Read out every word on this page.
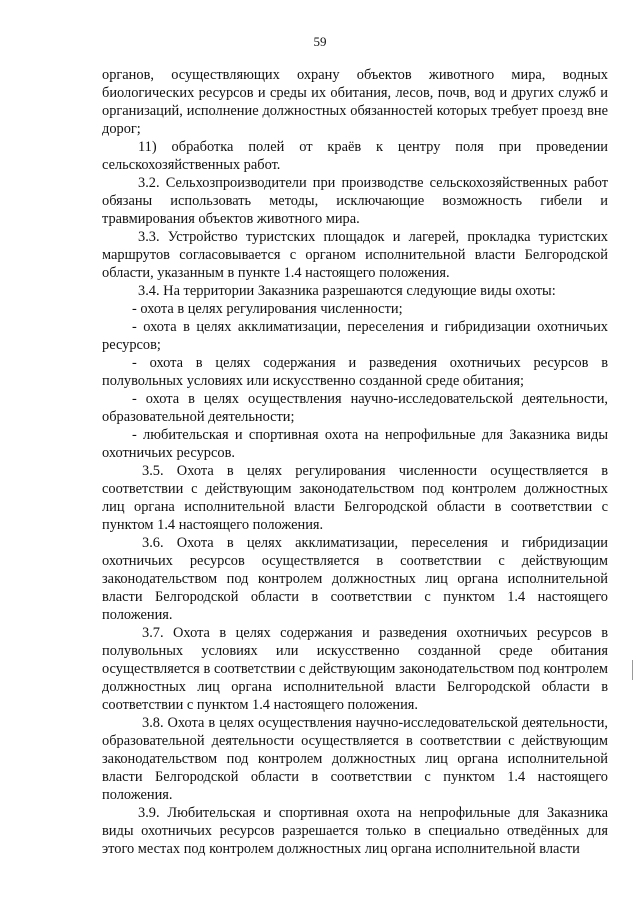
59

органов, осуществляющих охрану объектов животного мира, водных биологических ресурсов и среды их обитания, лесов, почв, вод и других служб и организаций, исполнение должностных обязанностей которых требует проезд вне дорог;

11) обработка полей от краёв к центру поля при проведении сельскохозяйственных работ.

3.2. Сельхозпроизводители при производстве сельскохозяйственных работ обязаны использовать методы, исключающие возможность гибели и травмирования объектов животного мира.

3.3. Устройство туристских площадок и лагерей, прокладка туристских маршрутов согласовывается с органом исполнительной власти Белгородской области, указанным в пункте 1.4 настоящего положения.

3.4. На территории Заказника разрешаются следующие виды охоты:

- охота в целях регулирования численности;

- охота в целях акклиматизации, переселения и гибридизации охотничьих ресурсов;

- охота в целях содержания и разведения охотничьих ресурсов в полувольных условиях или искусственно созданной среде обитания;

- охота в целях осуществления научно-исследовательской деятельности, образовательной деятельности;

- любительская и спортивная охота на непрофильные для Заказника виды охотничьих ресурсов.

3.5. Охота в целях регулирования численности осуществляется в соответствии с действующим законодательством под контролем должностных лиц органа исполнительной власти Белгородской области в соответствии с пунктом 1.4 настоящего положения.

3.6. Охота в целях акклиматизации, переселения и гибридизации охотничьих ресурсов осуществляется в соответствии с действующим законодательством под контролем должностных лиц органа исполнительной власти Белгородской области в соответствии с пунктом 1.4 настоящего положения.

3.7. Охота в целях содержания и разведения охотничьих ресурсов в полувольных условиях или искусственно созданной среде обитания осуществляется в соответствии с действующим законодательством под контролем должностных лиц органа исполнительной власти Белгородской области в соответствии с пунктом 1.4 настоящего положения.

3.8. Охота в целях осуществления научно-исследовательской деятельности, образовательной деятельности осуществляется в соответствии с действующим законодательством под контролем должностных лиц органа исполнительной власти Белгородской области в соответствии с пунктом 1.4 настоящего положения.

3.9. Любительская и спортивная охота на непрофильные для Заказника виды охотничьих ресурсов разрешается только в специально отведённых для этого местах под контролем должностных лиц органа исполнительной власти
